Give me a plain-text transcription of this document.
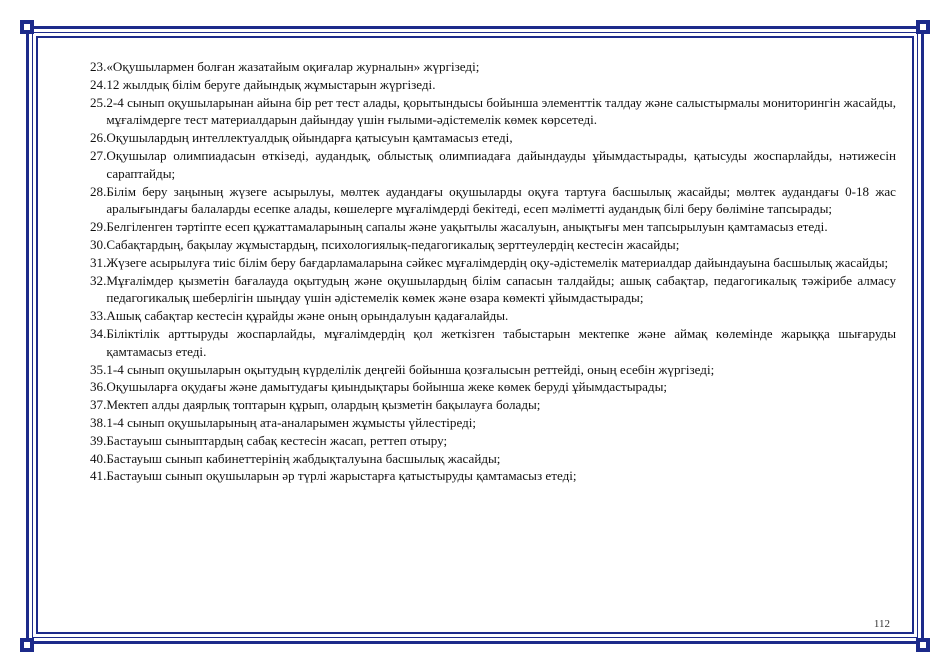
23. «Оқушылармен болған жазатайым оқиғалар журналын» жүргізеді;
24. 12 жылдық білім беруге дайындық жұмыстарын жүргізеді.
25. 2-4 сынып оқушыларынан айына бір рет тест алады, қорытындысы бойынша элементтік талдау және салыстырмалы мониторингін жасайды, мұғалімдерге тест материалдарын дайындау үшін ғылыми-әдістемелік көмек көрсетеді.
26. Оқушылардың интеллектуалдық ойындарға қатысуын қамтамасыз етеді,
27. Оқушылар олимпиадасын өткізеді, аудандық, облыстық олимпиадаға дайындауды ұйымдастырады, қатысуды жоспарлайды, нәтижесін сараптайды;
28. Білім беру заңының жүзеге асырылуы, мөлтек аудандағы оқушыларды оқуға тартуға басшылық жасайды; мөлтек аудандағы 0-18 жас аралығындағы балаларды есепке алады, көшелерге мұғалімдерді бекітеді, есеп мәліметті аудандық білі беру бөліміне тапсырады;
29. Белгіленген тәртіпте есеп құжаттамаларының сапалы және уақытылы жасалуын, анықтығы мен тапсырылуын қамтамасыз етеді.
30. Сабақтардың, бақылау жұмыстардың, психологиялық-педагогикалық зерттеулердің кестесін жасайды;
31. Жүзеге асырылуға тиіс білім беру бағдарламаларына сәйкес мұғалімдердің оқу-әдістемелік материалдар дайындауына басшылық жасайды;
32. Мұғалімдер қызметін бағалауда оқытудың және оқушылардың білім сапасын талдайды; ашық сабақтар, педагогикалық тәжірибе алмасу педагогикалық шеберлігін шыңдау үшін әдістемелік көмек және өзара көмекті ұйымдастырады;
33. Ашық сабақтар кестесін құрайды және оның орындалуын қадағалайды.
34. Біліктілік арттыруды жоспарлайды, мұғалімдердің қол жеткізген табыстарын мектепке және аймақ көлемінде жарыққа шығаруды қамтамасыз етеді.
35. 1-4 сынып оқушыларын оқытудың күрделілік деңгейі бойынша қозғалысын реттейді, оның есебін жүргізеді;
36. Оқушыларға оқудағы және дамытудағы қиындықтары бойынша жеке көмек беруді ұйымдастырады;
37. Мектеп алды даярлық топтарын құрып, олардың қызметін бақылауға болады;
38. 1-4 сынып оқушыларының ата-аналарымен жұмысты үйлестіреді;
39. Бастауыш сыныптардың сабақ кестесін жасап, реттеп отыру;
40. Бастауыш сынып кабинеттерінің жабдықталуына басшылық жасайды;
41. Бастауыш сынып оқушыларын әр түрлі жарыстарға қатыстыруды қамтамасыз етеді;
112
